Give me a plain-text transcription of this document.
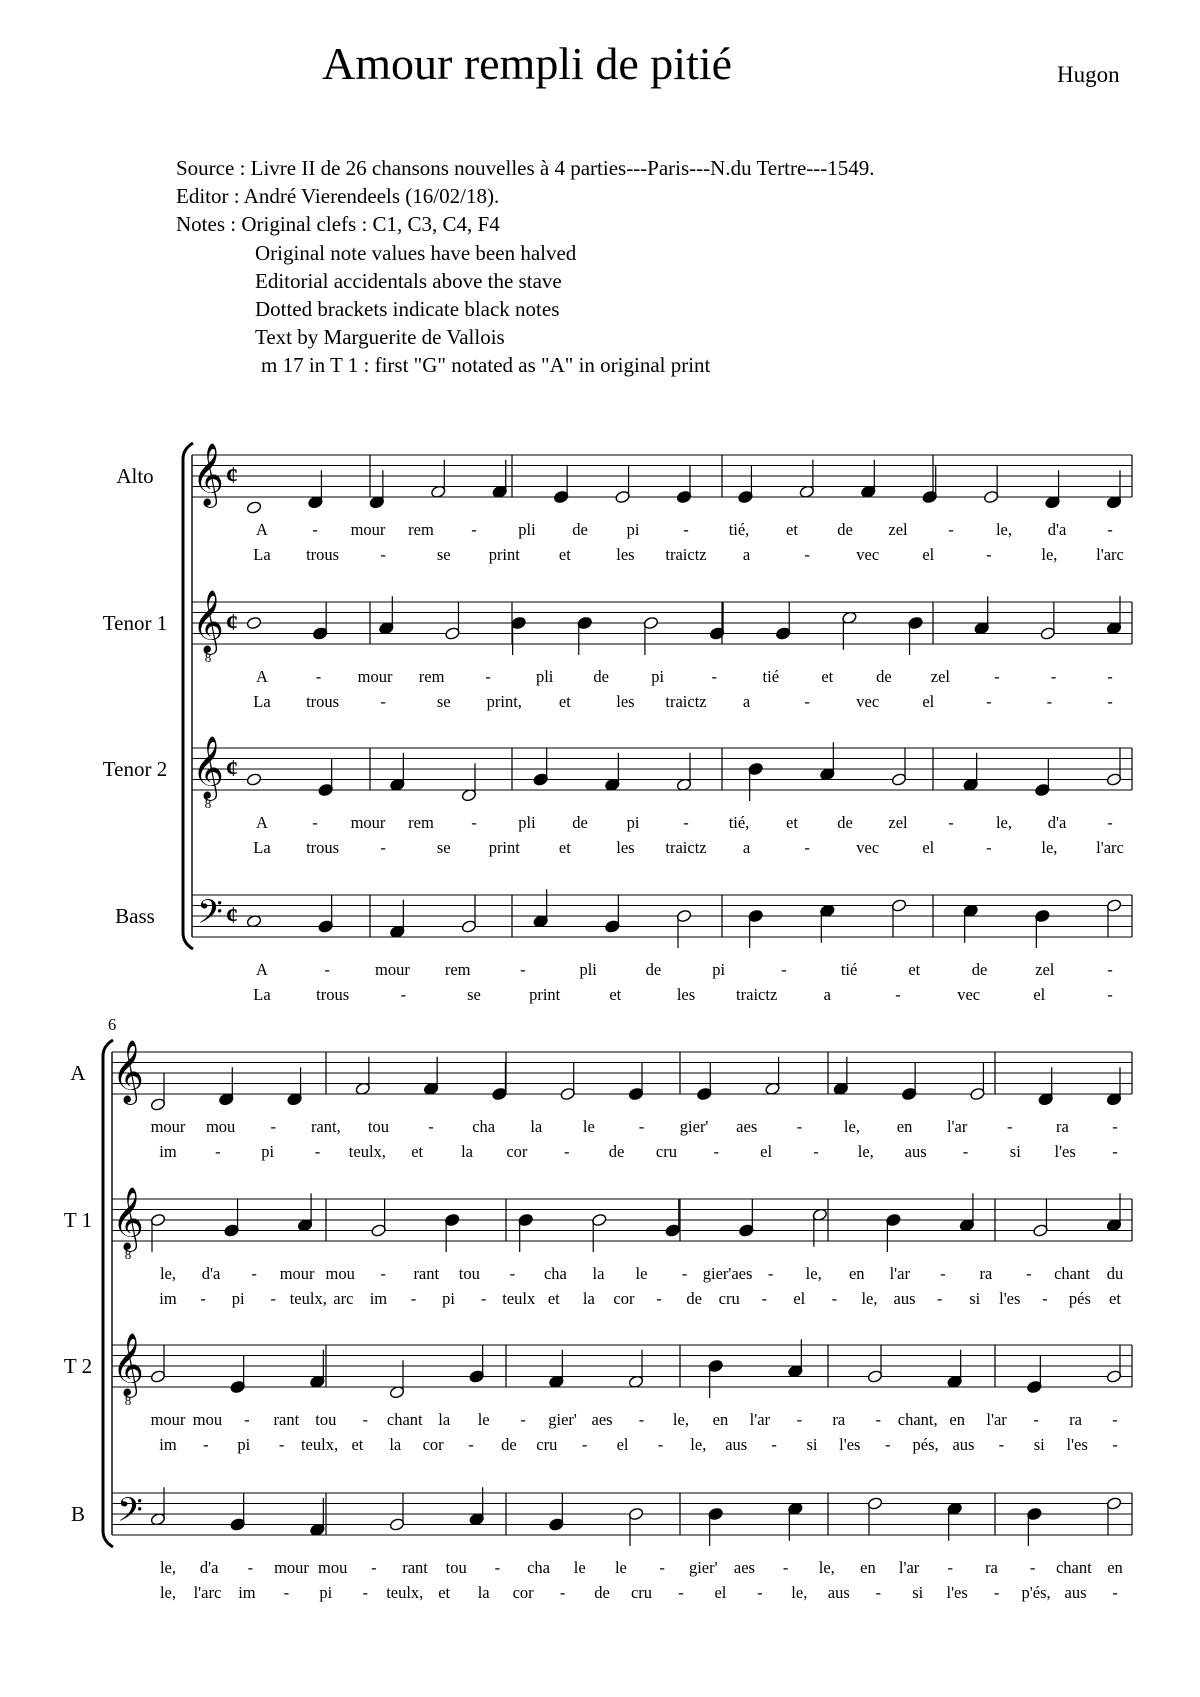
Amour rempli de pitié	Hugon
Source : Livre II de 26 chansons nouvelles à 4 parties---Paris---N.du Tertre---1549.
Editor : André Vierendeels (16/02/18).
Notes : Original clefs : C1, C3, C4, F4
Original note values have been halved
Editorial accidentals above the stave
Dotted brackets indicate black notes
Text by Marguerite de Vallois
m 17 in T 1 : first "G" notated as "A" in original print
Alto 𝄞 ¢
A	- mour rem -	pli de pi	- tié, et de zel -	le, d'a -
La trous	-	se print et	les traictz a	-	vec	el	-	le, l'arc
Tenor 1 𝄞
8
¢
A	- mour rem -	pli de	pi	-	tié	et	de zel	-	-	-
La trous	-	se print, et	les traictz a	-	vec	el	-	-	-
Tenor 2 𝄞
8
¢
A	- mour rem -	pli de pi	- tié, et de zel -	le, d'a -
La trous	-	se print et	les traictz a	-	vec	el	-	le, l'arc
Bass 𝄢 ¢
A	-	mour rem	-	pli	de	pi	-	tié	et	de	zel	-
La	trous	-	se	print	et	les traictz	a	-	vec	el	-
6
A 𝄞
mour mou - rant, tou - cha la le	- gier' aes -	le, en l'ar -	ra	-
im - pi - teulx, et la cor - de cru - el - le, aus -	si l'es -
T 1 𝄞
8
le, d'a - mour mou - rant tou - cha la le - gier'aes - le, en l'ar - ra - chant du
im - pi - teulx, arc im - pi - teulx et la cor - de cru - el - le, aus - si l'es - pés et
T 2 𝄞
8
mour mou - rant tou - chant la le - gier' aes - le, en l'ar - ra - chant, en l'ar - ra -
im - pi - teulx, et la cor - de cru - el - le, aus - si l'es - pés, aus - si l'es -
B 𝄢
le, d'a - mour mou - rant tou - cha le le - gier' aes - le, en l'ar - ra - chant en
le, l'arc im - pi - teulx, et la cor - de cru - el - le, aus - si l'es - p'és, aus -
